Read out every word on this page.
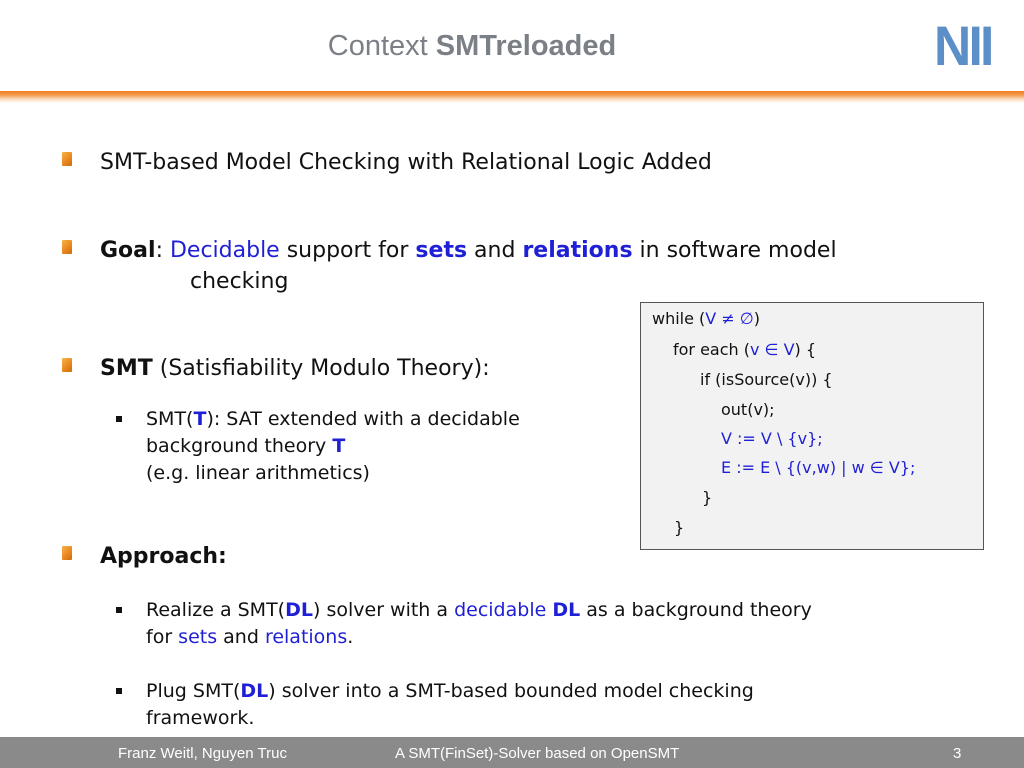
Context SMTreloaded	NII
SMT-based Model Checking with Relational Logic Added
Goal: Decidable support for sets and relations in software model
checking
SMT (Satisfiability Modulo Theory):
SMT(T): SAT extended with a decidable
background theory T
(e.g. linear arithmetics)
Approach:
Realize a SMT(DL) solver with a decidable DL as a background theory
for sets and relations.
Plug SMT(DL) solver into a SMT-based bounded model checking
framework.
while (V ≠ ∅)
for each (v ∈ V) {
if (isSource(v)) {
out(v);
V := V \ {v};
E := E \ {(v,w) | w ∈ V};
}
}
Franz Weitl, Nguyen Truc	A SMT(FinSet)-Solver based on OpenSMT	3
